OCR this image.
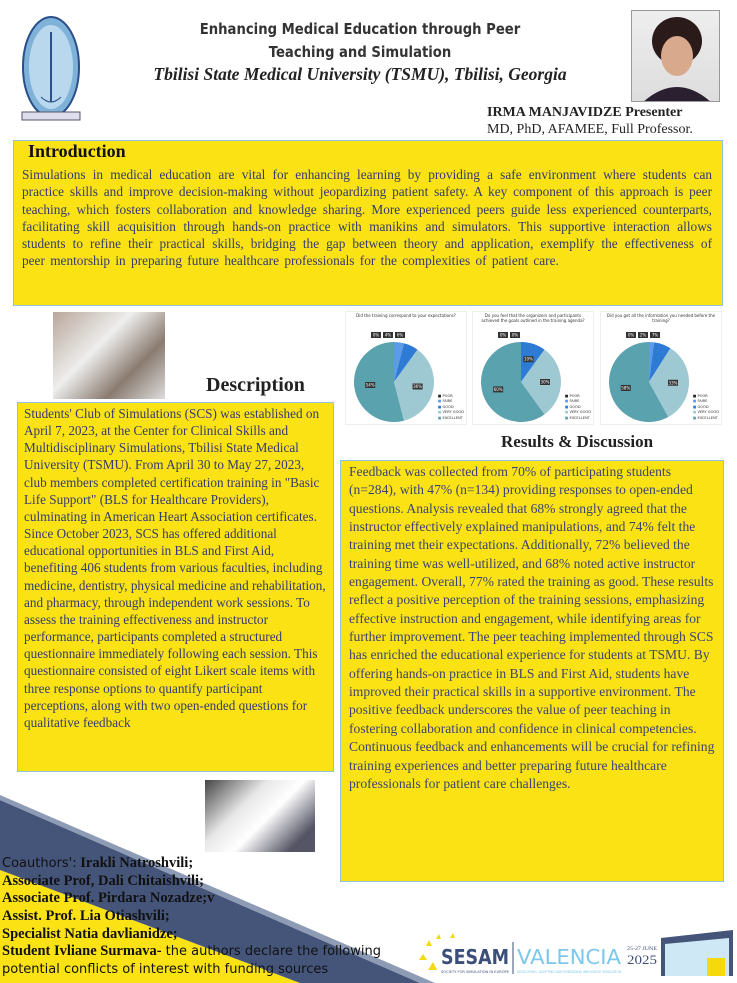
Enhancing Medical Education through Peer
Teaching and Simulation
Tbilisi State Medical University (TSMU), Tbilisi, Georgia
IRMA MANJAVIDZE Presenter
MD, PhD, AFAMEE, Full Professor.
Simulations in medical education are vital for enhancing learning by providing a safe environment where students can practice skills and improve decision-making without jeopardizing patient safety. A key component of this approach is peer teaching, which fosters collaboration and knowledge sharing. More experienced peers guide less experienced counterparts, facilitating skill acquisition through hands-on practice with manikins and simulators. This supportive interaction allows students to refine their practical skills, bridging the gap between theory and application, exemplify the effectiveness of peer mentorship in preparing future healthcare professionals for the complexities of patient care.
Introduction
Description
Students' Club of Simulations (SCS) was established on April 7, 2023, at the Center for Clinical Skills and Multidisciplinary Simulations, Tbilisi State Medical University (TSMU). From April 30 to May 27, 2023, club members completed certification training in "Basic Life Support" (BLS for Healthcare Providers), culminating in American Heart Association certificates. Since October 2023, SCS has offered additional educational opportunities in BLS and First Aid, benefiting 406 students from various faculties, including medicine, dentistry, physical medicine and rehabilitation, and pharmacy, through independent work sessions. To assess the training effectiveness and instructor performance, participants completed a structured questionnaire immediately following each session. This questionnaire consisted of eight Likert scale items with three response options to quantify participant perceptions, along with two open-ended questions for qualitative feedback
0% 4% 6%
36%
54%
Did the training correspond to your expectations?
■ POOR
■ FAIRE
■ GOOD
■ VERY GOOD
■ EXCELLENT
0% 0%
10%
30%
60%
Do you feel that the organizers and participants achieved the goals outlined in the training agenda?
■ POOR
■ FAIRE
■ GOOD
■ VERY GOOD
■ EXCELLENT
0% 2% 7%
33%
58%
Did you get all the information you needed before the training?
■ POOR
■ FAIRE
■ GOOD
■ VERY GOOD
■ EXCELLENT
Results & Discussion
Feedback was collected from 70% of participating students (n=284), with 47% (n=134) providing responses to open-ended questions. Analysis revealed that 68% strongly agreed that the instructor effectively explained manipulations, and 74% felt the training met their expectations. Additionally, 72% believed the training time was well-utilized, and 68% noted active instructor engagement. Overall, 77% rated the training as good. These results reflect a positive perception of the training sessions, emphasizing effective instruction and engagement, while identifying areas for further improvement. The peer teaching implemented through SCS has enriched the educational experience for students at TSMU. By offering hands-on practice in BLS and First Aid, students have improved their practical skills in a supportive environment. The positive feedback underscores the value of peer teaching in fostering collaboration and confidence in clinical competencies. Continuous feedback and enhancements will be crucial for refining training experiences and better preparing future healthcare professionals for patient care challenges.
Coauthors': Irakli Natroshvili;
Associate Prof, Dali Chitaishvili;
Associate Prof. Pirdara Nozadze;v
Assist. Prof. Lia Otiashvili;
Specialist Natia davlianidze;
Student Ivliane Surmava- the authors declare the following potential conflicts of interest with funding sources
SESAM
SOCIETY FOR SIMULATION IN EUROPE
VALENCIA
DEVELOPING, ADOPTING AND EMBEDDING INNOVATIVE SIMULATION
25-27 JUNE
2025
